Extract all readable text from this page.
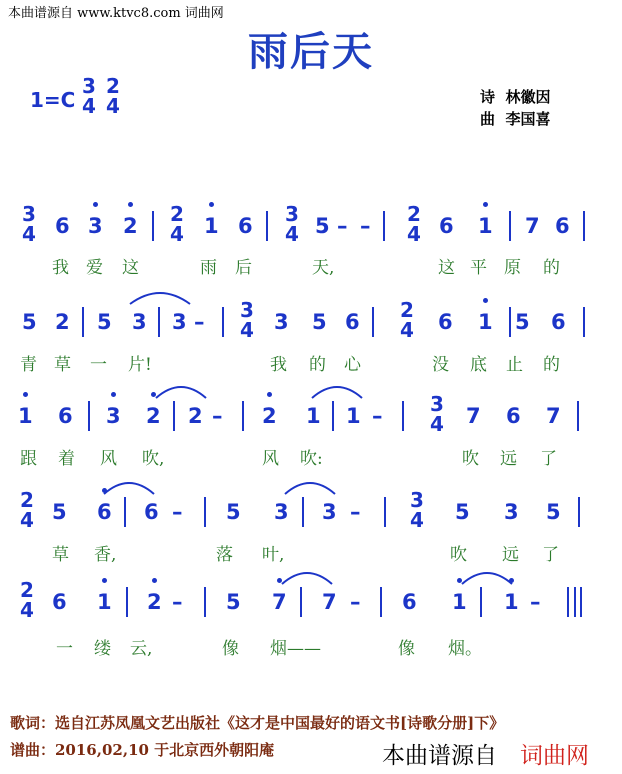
本曲谱源自 www.ktvc8.com 词曲网
雨后天
1=C
3
4
2
4	诗 林徽因
曲 李国喜
3
4 6 3 2 2
4 1 6 3
4 5 – – 2
4 6 1 7 6
我 爱 这	雨 后	天,	这 平 原 的
5 2 5 3 3 – 3
4 3 5 6 2
4 6 1 5 6
青 草 一 片!	我 的 心	没 底 止 的
1 6 3 2 2 – 2 1 1 – 3
4 7 6 7
跟 着 风 吹,	风 吹:	吹 远 了
2
4 5 6 6 – 5 3 3 – 3
4 5 3 5
草 香,	落 叶,	吹 远 了
2
4 6 1 2 – 5 7 7 – 6 1 1 –
一 缕 云,	像 烟——	像 烟。
歌词：选自江苏凤凰文艺出版社《这才是中国最好的语文书[诗歌分册]下》
谱曲：2016,02,10 于北京西外朝阳庵	本曲谱源自 词曲网
